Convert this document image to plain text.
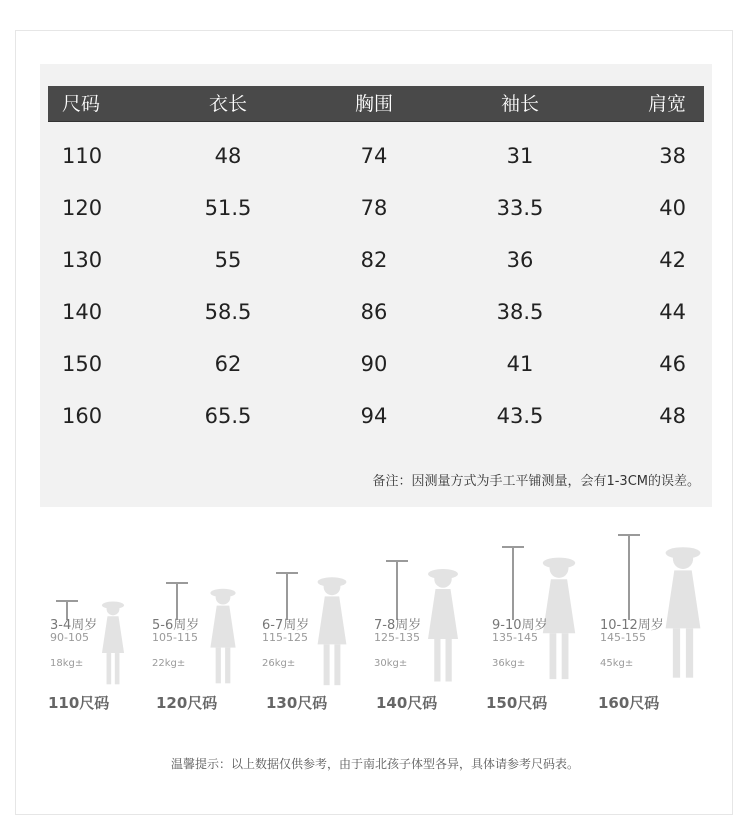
尺码	衣长	胸围	袖长	肩宽
110	48	74	31	38
120	51.5	78	33.5	40
130	55	82	36	42
140	58.5	86	38.5	44
150	62	90	41	46
160	65.5	94	43.5	48
备注：因测量方式为手工平铺测量，会有1-3CM的误差。
3-4周岁
90-105
18kg±
110尺码
5-6周岁
105-115
22kg±
120尺码
6-7周岁
115-125
26kg±
130尺码
7-8周岁
125-135
30kg±
140尺码
9-10周岁
135-145
36kg±
150尺码
10-12周岁
145-155
45kg±
160尺码
温馨提示：以上数据仅供参考，由于南北孩子体型各异，具体请参考尺码表。
